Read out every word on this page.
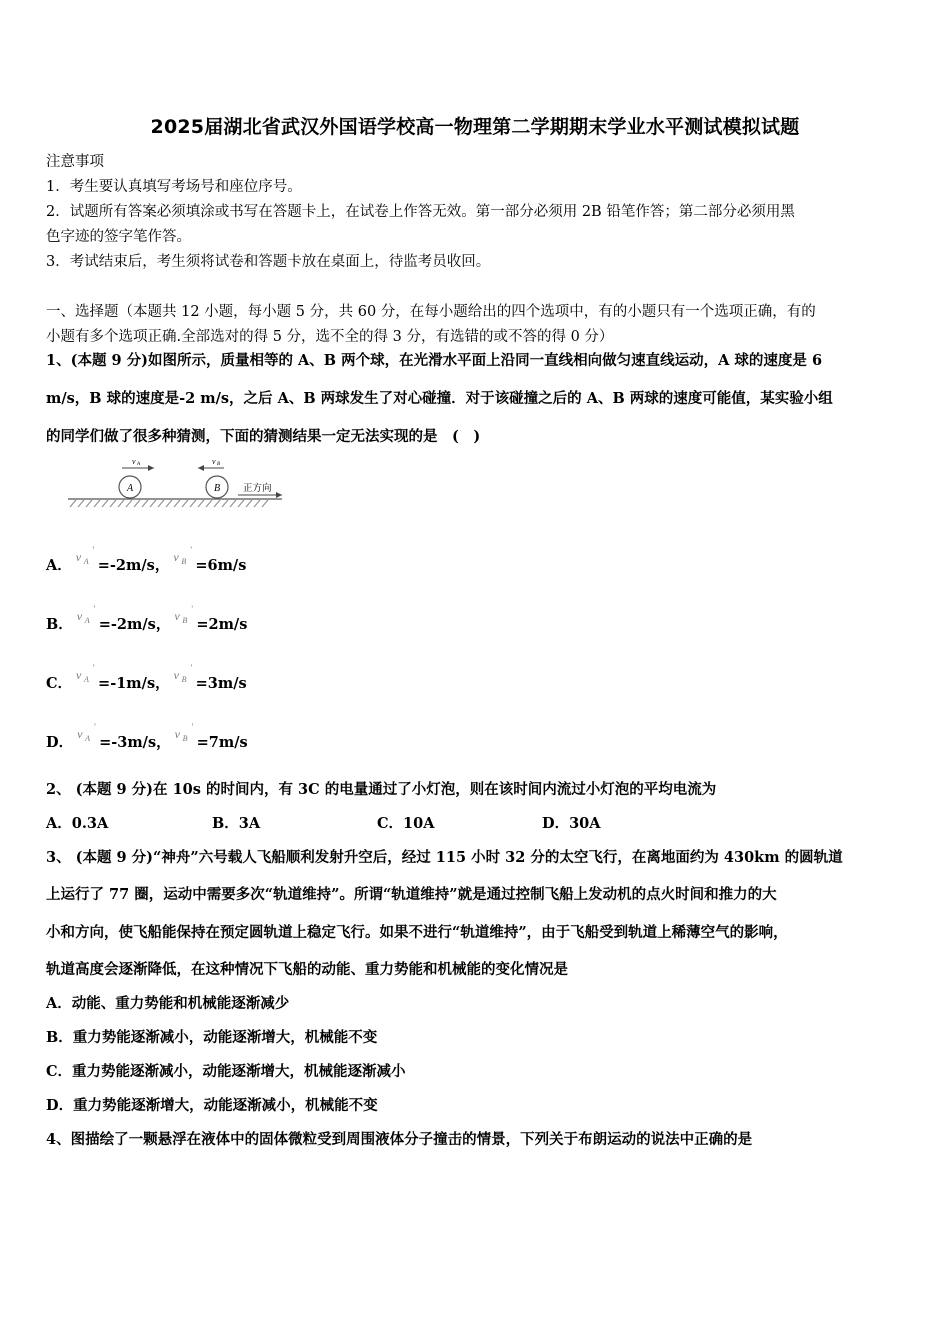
2025届湖北省武汉外国语学校高一物理第二学期期末学业水平测试模拟试题
注意事项
1．考生要认真填写考场号和座位序号。
2．试题所有答案必须填涂或书写在答题卡上，在试卷上作答无效。第一部分必须用 2B 铅笔作答；第二部分必须用黑
色字迹的签字笔作答。
3．考试结束后，考生须将试卷和答题卡放在桌面上，待监考员收回。
一、选择题（本题共 12 小题，每小题 5 分，共 60 分，在每小题给出的四个选项中，有的小题只有一个选项正确，有的
小题有多个选项正确.全部选对的得 5 分，选不全的得 3 分，有选错的或不答的得 0 分）
1、(本题 9 分)如图所示，质量相等的 A、B 两个球，在光滑水平面上沿同一直线相向做匀速直线运动，A 球的速度是 6
m/s，B 球的速度是-2 m/s，之后 A、B 两球发生了对心碰撞．对于该碰撞之后的 A、B 两球的速度可能值，某实验小组
的同学们做了很多种猜测，下面的猜测结果一定无法实现的是　(　)
A	B
v A	v B
正方向
A． v A
'
=-2m/s， v B
'
=6m/s
B． v A
'
=-2m/s， v B
'
=2m/s
C． v A
'
=-1m/s， v B
'
=3m/s
D． v A
'
=-3m/s， v B
'
=7m/s
2、 (本题 9 分)在 10s 的时间内，有 3C 的电量通过了小灯泡，则在该时间内流过小灯泡的平均电流为
A．0.3A	B．3A	C．10A	D．30A
3、 (本题 9 分)“神舟”六号载人飞船顺利发射升空后，经过 115 小时 32 分的太空飞行，在离地面约为 430km 的圆轨道
上运行了 77 圈，运动中需要多次“轨道维持”。所谓“轨道维持”就是通过控制飞船上发动机的点火时间和推力的大
小和方向，使飞船能保持在预定圆轨道上稳定飞行。如果不进行“轨道维持”，由于飞船受到轨道上稀薄空气的影响，
轨道高度会逐渐降低，在这种情况下飞船的动能、重力势能和机械能的变化情况是
A．动能、重力势能和机械能逐渐减少
B．重力势能逐渐减小，动能逐渐增大，机械能不变
C．重力势能逐渐减小，动能逐渐增大，机械能逐渐减小
D．重力势能逐渐增大，动能逐渐减小，机械能不变
4、图描绘了一颗悬浮在液体中的固体微粒受到周围液体分子撞击的情景，下列关于布朗运动的说法中正确的是
